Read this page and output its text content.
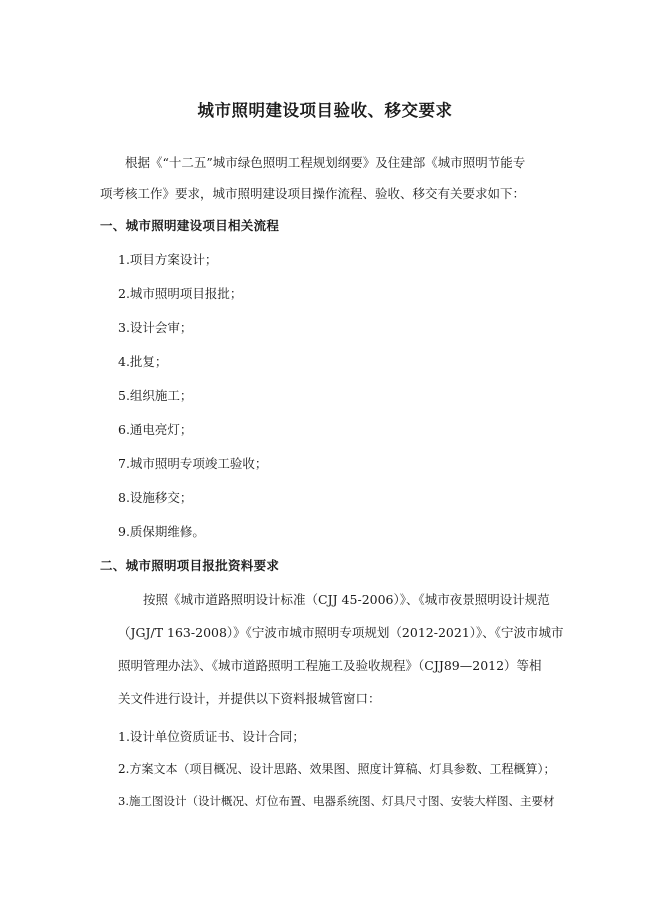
城市照明建设项目验收、移交要求

根据《“十二五”城市绿色照明工程规划纲要》及住建部《城市照明节能专
项考核工作》要求，城市照明建设项目操作流程、验收、移交有关要求如下：

一、城市照明建设项目相关流程

1.项目方案设计；

2.城市照明项目报批；

3.设计会审；

4.批复；

5.组织施工；

6.通电亮灯；

7.城市照明专项竣工验收；

8.设施移交；

9.质保期维修。

二、城市照明项目报批资料要求

按照《城市道路照明设计标准（CJJ 45-2006）》、《城市夜景照明设计规范
（JGJ/T 163-2008）》《宁波市城市照明专项规划（2012-2021）》、《宁波市城市
照明管理办法》、《城市道路照明工程施工及验收规程》（CJJ89—2012）等相
关文件进行设计，并提供以下资料报城管窗口：

1.设计单位资质证书、设计合同；

2.方案文本（项目概况、设计思路、效果图、照度计算稿、灯具参数、工程概算）；

3.施工图设计（设计概况、灯位布置、电器系统图、灯具尺寸图、安装大样图、主要材
